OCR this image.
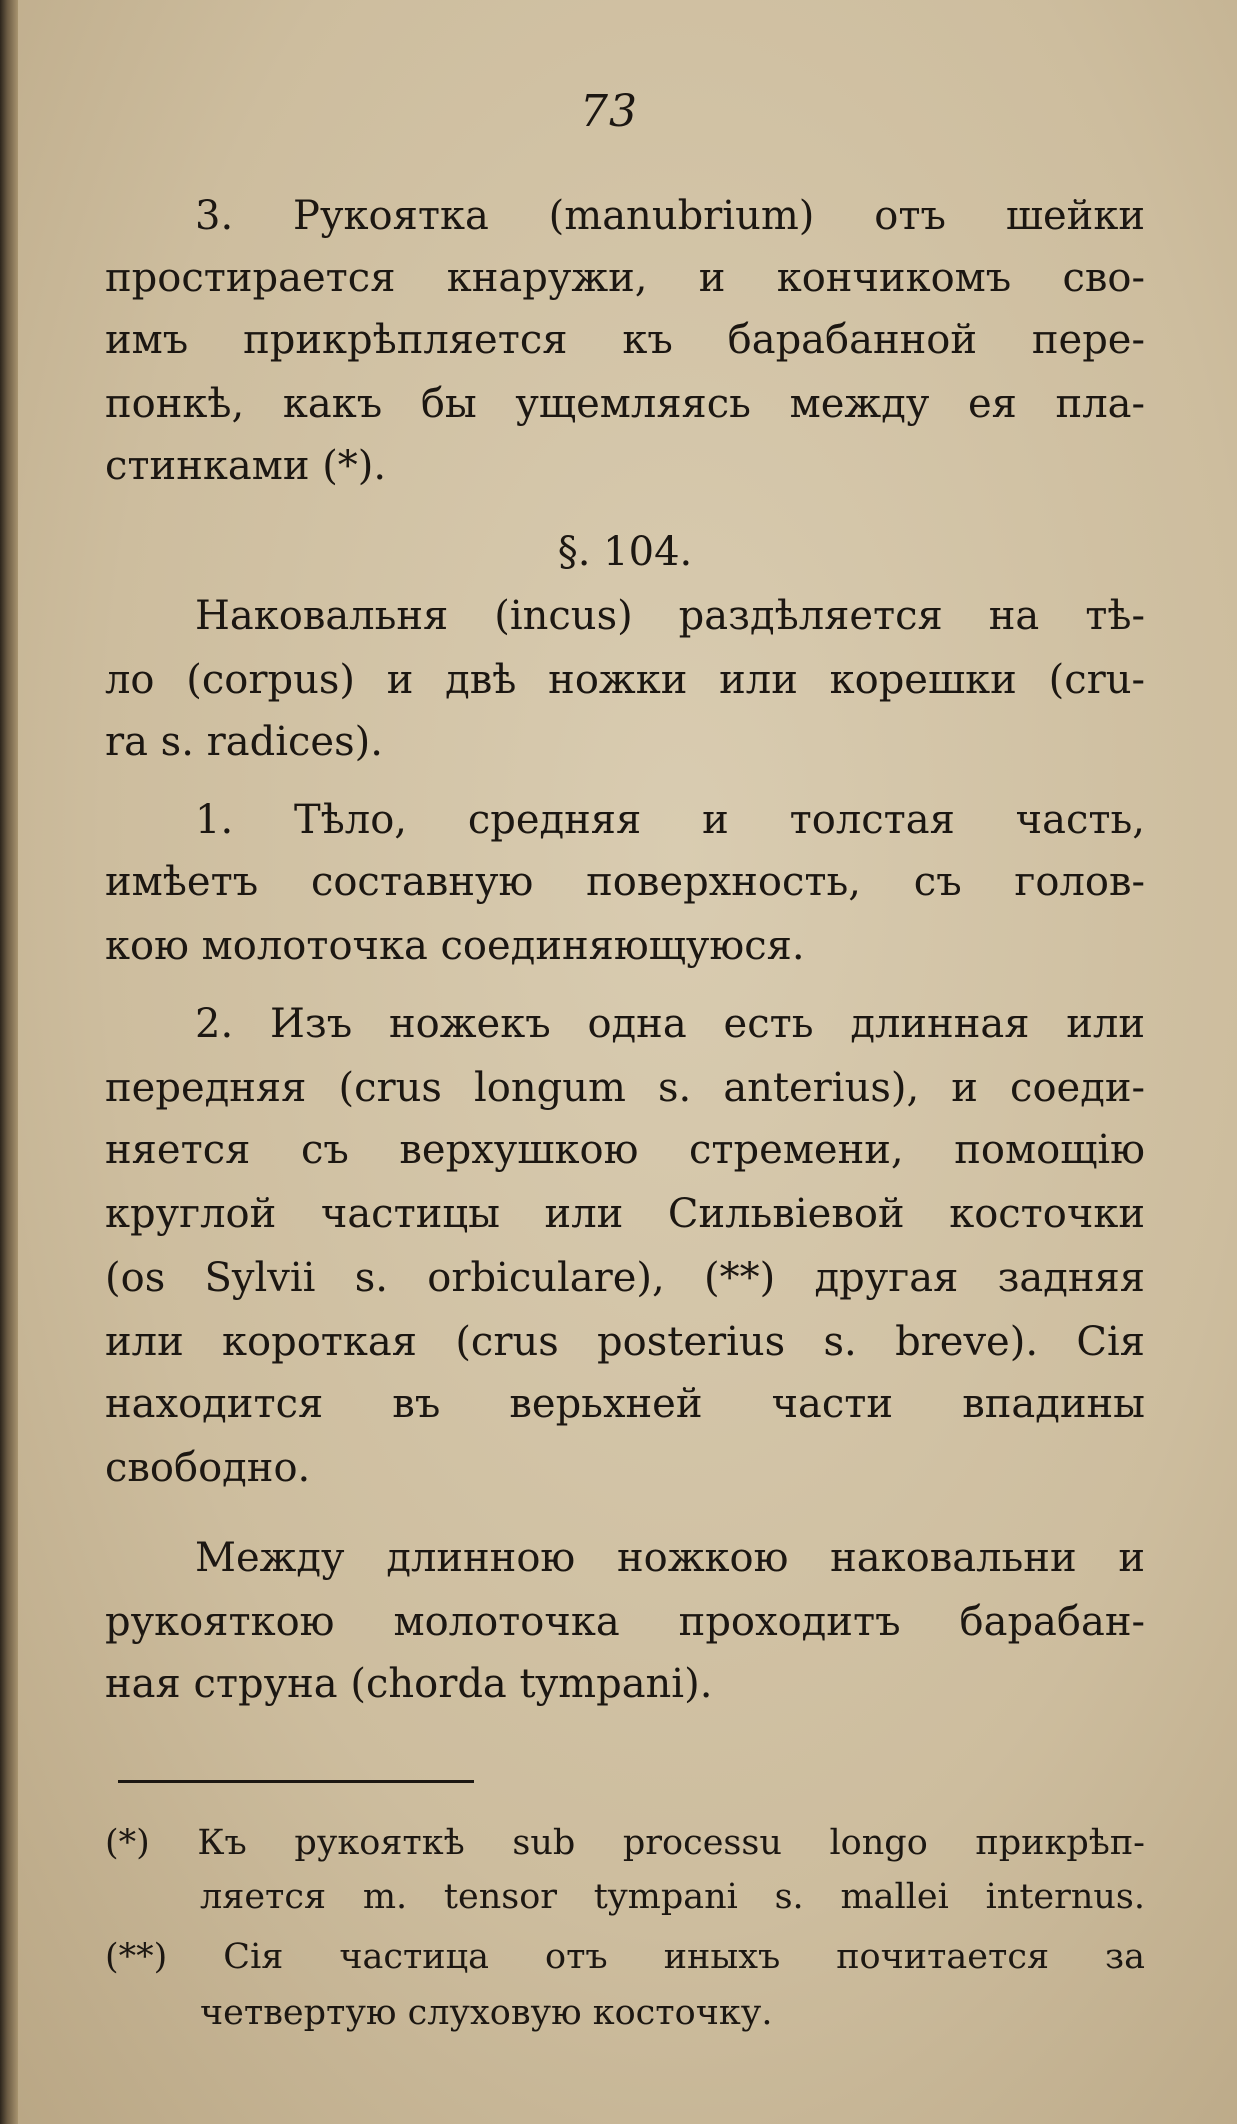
73
3. Рукоятка (manubrium) отъ шейки
простирается кнаружи, и кончикомъ сво-
имъ прикрѣпляется къ барабанной пере-
понкѣ, какъ бы ущемляясь между ея пла-
стинками (*).
§. 104.
Наковальня (incus) раздѣляется на тѣ-
ло (corpus) и двѣ ножки или корешки (cru-
ra s. radices).
1. Тѣло, средняя и толстая часть,
имѣетъ составную поверхность, съ голов-
кою молоточка соединяющуюся.
2. Изъ ножекъ одна есть длинная или
передняя (crus longum s. anterius), и соеди-
няется съ верхушкою стремени, помощію
круглой частицы или Сильвіевой косточки
(os Sylvii s. orbiculare), (**) другая задняя
или короткая (crus posterius s. breve). Сія
находится въ верьхней части впадины
свободно.
Между длинною ножкою наковальни и
рукояткою молоточка проходитъ барабан-
ная струна (chorda tympani).
(*) Къ рукояткѣ sub processu longo прикрѣп-
ляется m. tensor tympani s. mallei internus.
(**) Сія частица отъ иныхъ почитается за
четвертую слуховую косточку.
